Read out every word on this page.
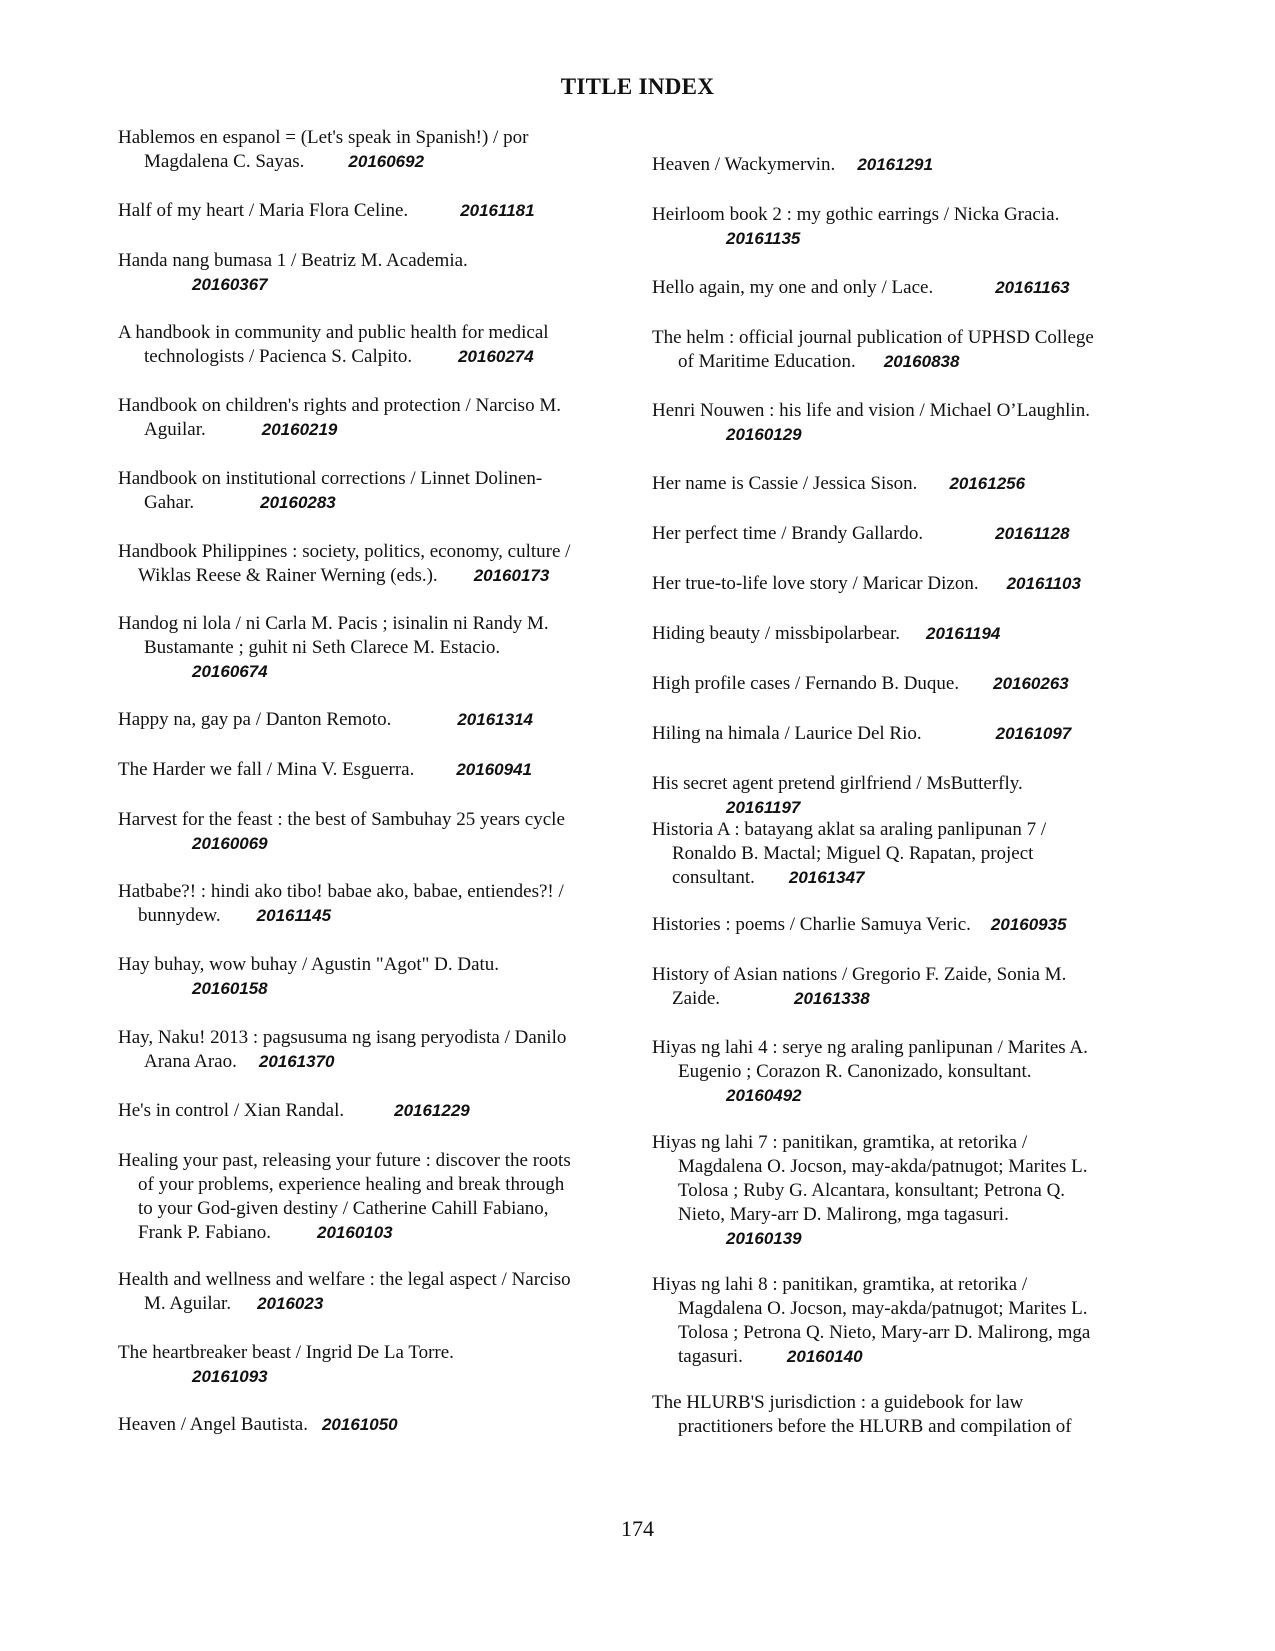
TITLE INDEX
Hablemos en espanol = (Let's speak in Spanish!) / por
Magdalena C. Sayas.	20160692
Half of my heart / Maria Flora Celine.	20161181
Handa nang bumasa 1 / Beatriz M. Academia.
20160367
A handbook in community and public health for medical
technologists / Pacienca S. Calpito.	20160274
Handbook on children's rights and protection / Narciso M.
Aguilar.	20160219
Handbook on institutional corrections / Linnet Dolinen-
Gahar.	20160283
Handbook Philippines : society, politics, economy, culture /
Wiklas Reese & Rainer Werning (eds.). 20160173
Handog ni lola / ni Carla M. Pacis ; isinalin ni Randy M.
Bustamante ; guhit ni Seth Clarece M. Estacio.
20160674
Happy na, gay pa / Danton Remoto.	20161314
The Harder we fall / Mina V. Esguerra. 20160941
Harvest for the feast : the best of Sambuhay 25 years cycle
20160069
Hatbabe?! : hindi ako tibo! babae ako, babae, entiendes?! /
bunnydew. 20161145
Hay buhay, wow buhay / Agustin "Agot" D. Datu.
20160158
Hay, Naku! 2013 : pagsusuma ng isang peryodista / Danilo
Arana Arao. 20161370
He's in control / Xian Randal.	20161229
Healing your past, releasing your future : discover the roots
of your problems, experience healing and break through
to your God-given destiny / Catherine Cahill Fabiano,
Frank P. Fabiano.	20160103
Health and wellness and welfare : the legal aspect / Narciso
M. Aguilar. 2016023
The heartbreaker beast / Ingrid De La Torre.
20161093
Heaven / Angel Bautista. 20161050
Heaven / Wackymervin. 20161291
Heirloom book 2 : my gothic earrings / Nicka Gracia.
20161135
Hello again, my one and only / Lace.	20161163
The helm : official journal publication of UPHSD College
of Maritime Education. 20160838
Henri Nouwen : his life and vision / Michael O’Laughlin.
20160129
Her name is Cassie / Jessica Sison. 20161256
Her perfect time / Brandy Gallardo.	20161128
Her true-to-life love story / Maricar Dizon. 20161103
Hiding beauty / missbipolarbear. 20161194
High profile cases / Fernando B. Duque. 20160263
Hiling na himala / Laurice Del Rio.	20161097
His secret agent pretend girlfriend / MsButterfly.
20161197
Historia A : batayang aklat sa araling panlipunan 7 /
Ronaldo B. Mactal; Miguel Q. Rapatan, project
consultant. 20161347
Histories : poems / Charlie Samuya Veric. 20160935
History of Asian nations / Gregorio F. Zaide, Sonia M.
Zaide.	20161338
Hiyas ng lahi 4 : serye ng araling panlipunan / Marites A.
Eugenio ; Corazon R. Canonizado, konsultant.
20160492
Hiyas ng lahi 7 : panitikan, gramtika, at retorika /
Magdalena O. Jocson, may-akda/patnugot; Marites L.
Tolosa ; Ruby G. Alcantara, konsultant; Petrona Q.
Nieto, Mary-arr D. Malirong, mga tagasuri.
20160139
Hiyas ng lahi 8 : panitikan, gramtika, at retorika /
Magdalena O. Jocson, may-akda/patnugot; Marites L.
Tolosa ; Petrona Q. Nieto, Mary-arr D. Malirong, mga
tagasuri.	20160140
The HLURB'S jurisdiction : a guidebook for law
practitioners before the HLURB and compilation of
174
